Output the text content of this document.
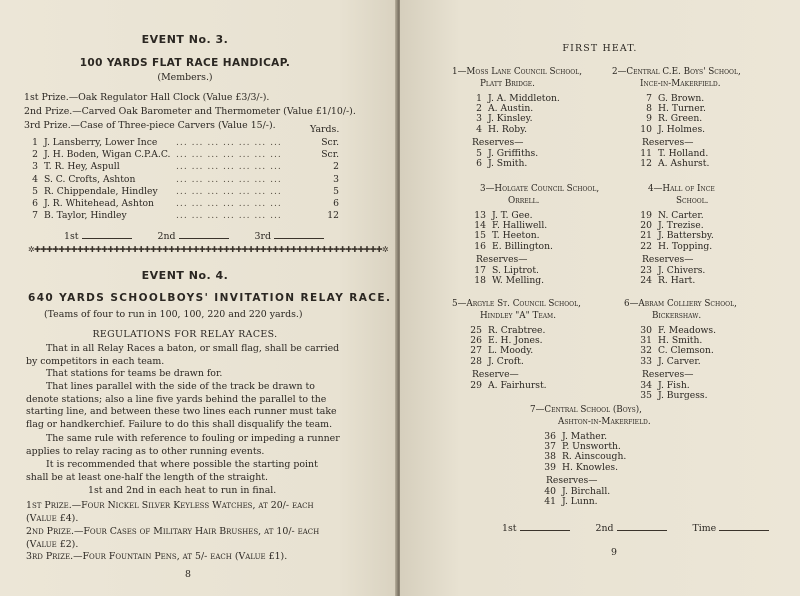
EVENT No. 3.
100 YARDS FLAT RACE HANDICAP.
(Members.)
1st Prize.—Oak Regulator Hall Clock (Value £3/3/-).
2nd Prize.—Carved Oak Barometer and Thermometer (Value £1/10/-).
3rd Prize.—Case of Three-piece Carvers (Value 15/-).	Yards.
1 J. Lansberry, Lower Ince ... ... ... ... ... ... ...	Scr.
2 J. H. Boden, Wigan C.P.A.C. ... ... ... ... ... ... ...	Scr.
3 T. R. Hey, Aspull	... ... ... ... ... ... ...	2
4 S. C. Crofts, Ashton	... ... ... ... ... ... ...	3
5 R. Chippendale, Hindley ... ... ... ... ... ... ...	5
6 J. R. Whitehead, Ashton ... ... ... ... ... ... ...	6
7 B. Taylor, Hindley	... ... ... ... ... ... ...	12
1st	2nd	3rd
✲✚✚✚✚✚✚✚✚✚✚✚✚✚✚✚✚✚✚✚✚✚✚✚✚✚✚✚✚✚✚✚✚✚✚✚✚✚✚✚✚✚✚✚✚✚✚✚✚✚✚✚✚✚✚✚✚✚✲
EVENT No. 4.
640 YARDS SCHOOLBOYS' INVITATION RELAY RACE.
(Teams of four to run in 100, 100, 220 and 220 yards.)
REGULATIONS FOR RELAY RACES.
That in all Relay Races a baton, or small flag, shall be carried by competitors in each team.
That stations for teams be drawn for.
That lines parallel with the side of the track be drawn to denote stations; also a line five yards behind the parallel to the starting line, and between these two lines each runner must take flag or handkerchief. Failure to do this shall disqualify the team.
The same rule with reference to fouling or impeding a runner applies to relay racing as to other running events.
It is recommended that where possible the starting point shall be at least one-half the length of the straight.
1st and 2nd in each heat to run in final.
1st Prize.—Four Nickel Silver Keyless Watches, at 20/- each (Value £4).
2nd Prize.—Four Cases of Military Hair Brushes, at 10/- each (Value £2).
3rd Prize.—Four Fountain Pens, at 5/- each (Value £1).
8
FIRST HEAT.
1—Moss Lane Council School,
Platt Bridge.
1 J. A. Middleton.
2 A. Austin.
3 J. Kinsley.
4 H. Roby.
Reserves—
5 J. Griffiths.
6 J. Smith.
2—Central C.E. Boys' School,
Ince-in-Makerfield.
7 G. Brown.
8 H. Turner.
9 R. Green.
10 J. Holmes.
Reserves—
11 T. Holland.
12 A. Ashurst.
3—Holgate Council School,
Orrell.
13 J. T. Gee.
14 F. Halliwell.
15 T. Heeton.
16 E. Billington.
Reserves—
17 S. Liptrot.
18 W. Melling.
4—Hall of Ince
School.
19 N. Carter.
20 J. Trezise.
21 J. Battersby.
22 H. Topping.
Reserves—
23 J. Chivers.
24 R. Hart.
5—Argyle St. Council School,
Hindley "A" Team.
25 R. Crabtree.
26 E. H. Jones.
27 L. Moody.
28 J. Croft.
Reserve—
29 A. Fairhurst.
6—Abram Colliery School,
Bickershaw.
30 F. Meadows.
31 H. Smith.
32 C. Clemson.
33 J. Carver.
Reserves—
34 J. Fish.
35 J. Burgess.
7—Central School (Boys),
Ashton-in-Makerfield.
36 J. Mather.
37 P. Unsworth.
38 R. Ainscough.
39 H. Knowles.
Reserves—
40 J. Birchall.
41 J. Lunn.
1st	2nd	Time
9
